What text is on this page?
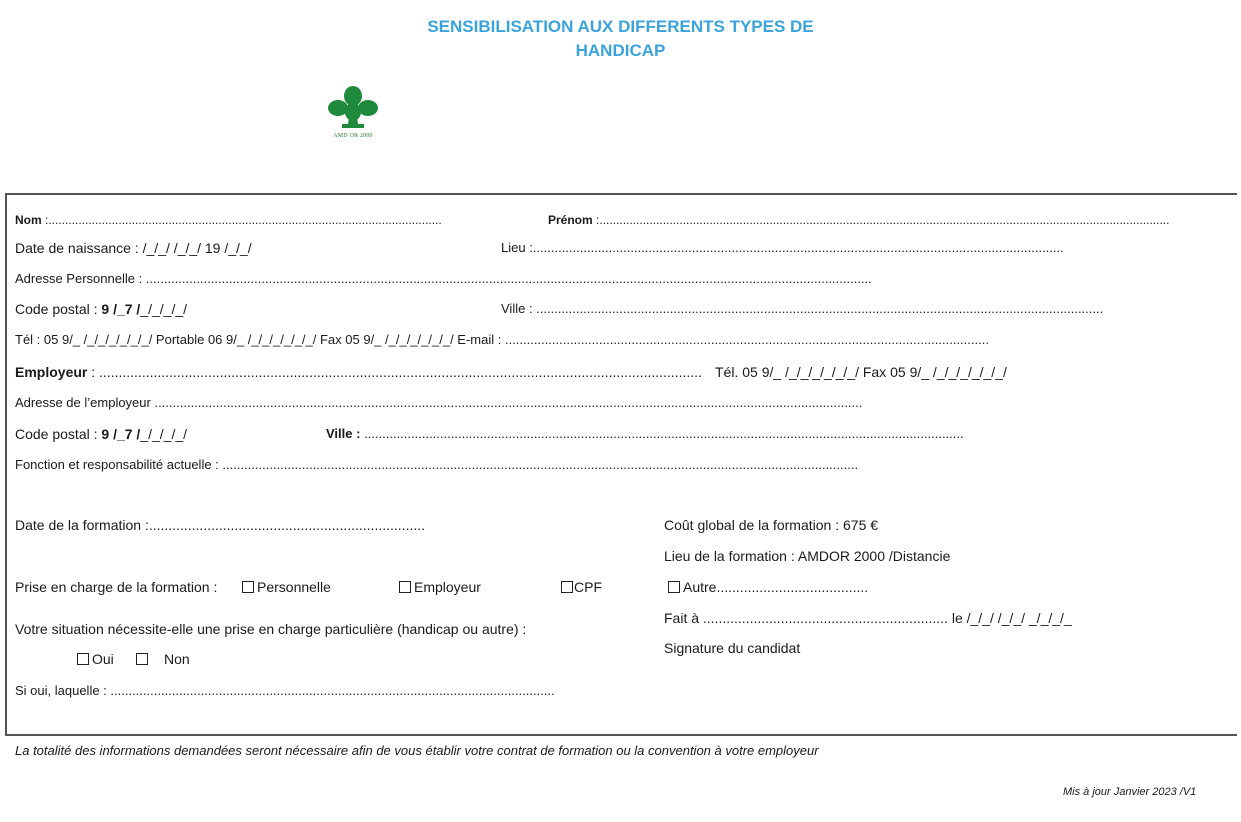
SENSIBILISATION AUX DIFFERENTS TYPES DE
HANDICAP
AMD OR 2000
Nom :......................................................................................................................	Prénom :...........................................................................................................................................................................
Date de naissance : /_/_/ /_/_/ 19 /_/_/	Lieu :...................................................................................................................................................
Adresse Personnelle : .........................................................................................................................................................................................................
Code postal : 9 /_7 /_/_/_/_/	Ville : .............................................................................................................................................................
Tél : 05 9/_ /_/_/_/_/_/_/ Portable 06 9/_ /_/_/_/_/_/_/ Fax 05 9/_ /_/_/_/_/_/_/ E-mail : ......................................................................................................................................
Employeur : ........................................................................................................................................................... Tél. 05 9/_ /_/_/_/_/_/_/ Fax 05 9/_ /_/_/_/_/_/_/
Adresse de l’employeur ....................................................................................................................................................................................................
Code postal : 9 /_7 /_/_/_/_/	Ville : ......................................................................................................................................................................
Fonction et responsabilité actuelle : ................................................................................................................................................................................
Date de la formation :.......................................................................	Coût global de la formation : 675 €
Lieu de la formation : AMDOR 2000 /Distancie
Prise en charge de la formation :	Personnelle	Employeur	CPF	Autre.......................................
Fait à ............................................................... le /_/_/ /_/_/ _/_/_/_
Votre situation nécessite-elle une prise en charge particulière (handicap ou autre) :
Signature du candidat
Oui	Non
Si oui, laquelle : ...........................................................................................................................
La totalité des informations demandées seront nécessaire afin de vous établir votre contrat de formation ou la convention à votre employeur
Mis à jour Janvier 2023 /V1
